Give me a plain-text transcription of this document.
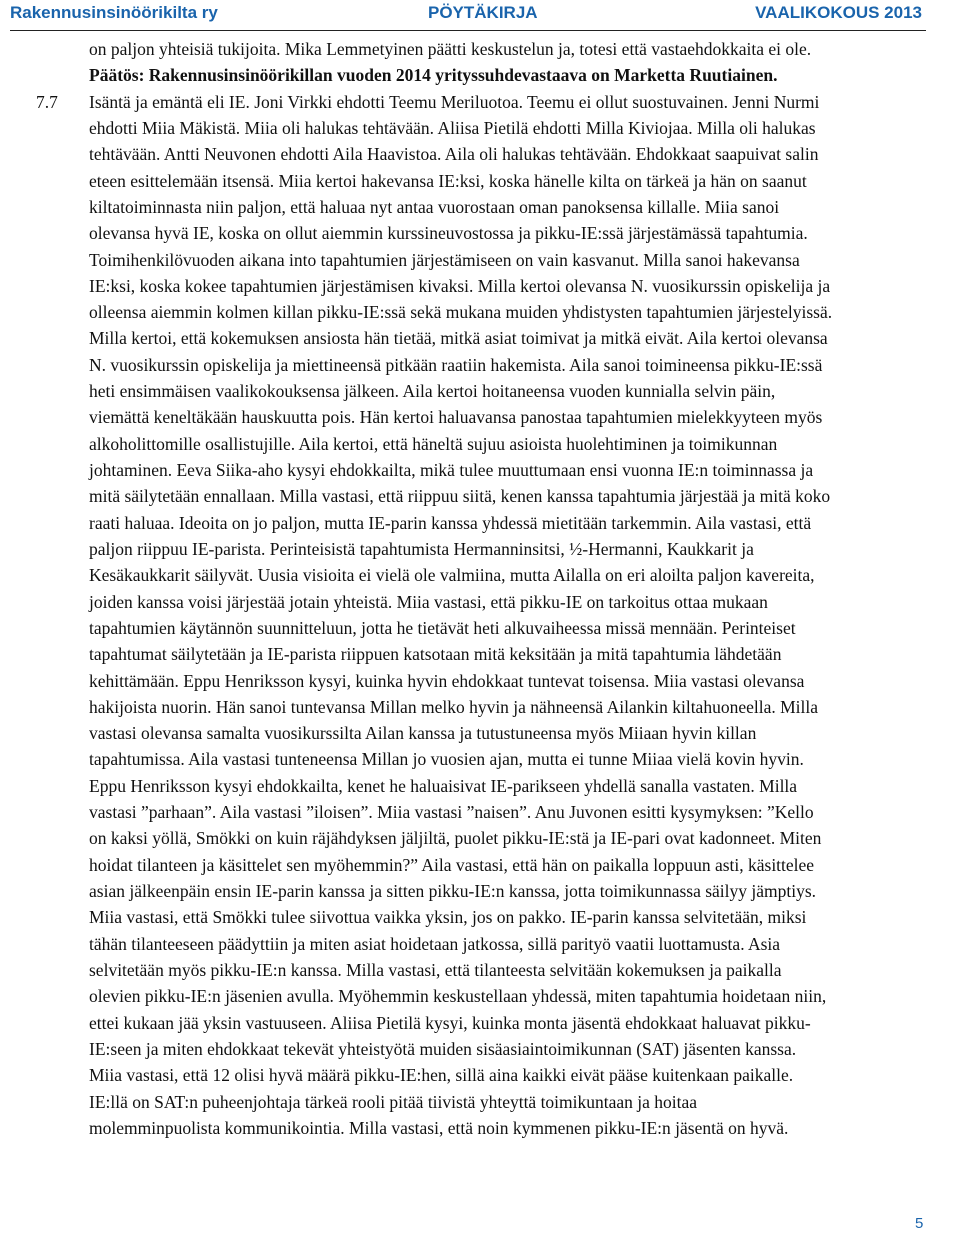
Rakennusinsinöörikilta ry	PÖYTÄKIRJA	VAALIKOKOUS 2013
on paljon yhteisiä tukijoita. Mika Lemmetyinen päätti keskustelun ja, totesi että vastaehdokkaita ei ole.
Päätös: Rakennusinsinöörikillan vuoden 2014 yrityssuhdevastaava on Marketta Ruutiainen.
7.7 Isäntä ja emäntä eli IE. Joni Virkki ehdotti Teemu Meriluotoa. Teemu ei ollut suostuvainen. Jenni Nurmi
ehdotti Miia Mäkistä. Miia oli halukas tehtävään. Aliisa Pietilä ehdotti Milla Kiviojaa. Milla oli halukas
tehtävään. Antti Neuvonen ehdotti Aila Haavistoa. Aila oli halukas tehtävään. Ehdokkaat saapuivat salin
eteen esittelemään itsensä. Miia kertoi hakevansa IE:ksi, koska hänelle kilta on tärkeä ja hän on saanut
kiltatoiminnasta niin paljon, että haluaa nyt antaa vuorostaan oman panoksensa killalle. Miia sanoi
olevansa hyvä IE, koska on ollut aiemmin kurssineuvostossa ja pikku-IE:ssä järjestämässä tapahtumia.
Toimihenkilövuoden aikana into tapahtumien järjestämiseen on vain kasvanut. Milla sanoi hakevansa
IE:ksi, koska kokee tapahtumien järjestämisen kivaksi. Milla kertoi olevansa N. vuosikurssin opiskelija ja
olleensa aiemmin kolmen killan pikku-IE:ssä sekä mukana muiden yhdistysten tapahtumien järjestelyissä.
Milla kertoi, että kokemuksen ansiosta hän tietää, mitkä asiat toimivat ja mitkä eivät. Aila kertoi olevansa
N. vuosikurssin opiskelija ja miettineensä pitkään raatiin hakemista. Aila sanoi toimineensa pikku-IE:ssä
heti ensimmäisen vaalikokouksensa jälkeen. Aila kertoi hoitaneensa vuoden kunnialla selvin päin,
viemättä keneltäkään hauskuutta pois. Hän kertoi haluavansa panostaa tapahtumien mielekkyyteen myös
alkoholittomille osallistujille. Aila kertoi, että häneltä sujuu asioista huolehtiminen ja toimikunnan
johtaminen. Eeva Siika-aho kysyi ehdokkailta, mikä tulee muuttumaan ensi vuonna IE:n toiminnassa ja
mitä säilytetään ennallaan. Milla vastasi, että riippuu siitä, kenen kanssa tapahtumia järjestää ja mitä koko
raati haluaa. Ideoita on jo paljon, mutta IE-parin kanssa yhdessä mietitään tarkemmin. Aila vastasi, että
paljon riippuu IE-parista. Perinteisistä tapahtumista Hermanninsitsi, ½-Hermanni, Kaukkarit ja
Kesäkaukkarit säilyvät. Uusia visioita ei vielä ole valmiina, mutta Ailalla on eri aloilta paljon kavereita,
joiden kanssa voisi järjestää jotain yhteistä. Miia vastasi, että pikku-IE on tarkoitus ottaa mukaan
tapahtumien käytännön suunnitteluun, jotta he tietävät heti alkuvaiheessa missä mennään. Perinteiset
tapahtumat säilytetään ja IE-parista riippuen katsotaan mitä keksitään ja mitä tapahtumia lähdetään
kehittämään. Eppu Henriksson kysyi, kuinka hyvin ehdokkaat tuntevat toisensa. Miia vastasi olevansa
hakijoista nuorin. Hän sanoi tuntevansa Millan melko hyvin ja nähneensä Ailankin kiltahuoneella. Milla
vastasi olevansa samalta vuosikurssilta Ailan kanssa ja tutustuneensa myös Miiaan hyvin killan
tapahtumissa. Aila vastasi tunteneensa Millan jo vuosien ajan, mutta ei tunne Miiaa vielä kovin hyvin.
Eppu Henriksson kysyi ehdokkailta, kenet he haluaisivat IE-parikseen yhdellä sanalla vastaten. Milla
vastasi ”parhaan”. Aila vastasi ”iloisen”. Miia vastasi ”naisen”. Anu Juvonen esitti kysymyksen: ”Kello
on kaksi yöllä, Smökki on kuin räjähdyksen jäljiltä, puolet pikku-IE:stä ja IE-pari ovat kadonneet. Miten
hoidat tilanteen ja käsittelet sen myöhemmin?” Aila vastasi, että hän on paikalla loppuun asti, käsittelee
asian jälkeenpäin ensin IE-parin kanssa ja sitten pikku-IE:n kanssa, jotta toimikunnassa säilyy jämptiys.
Miia vastasi, että Smökki tulee siivottua vaikka yksin, jos on pakko. IE-parin kanssa selvitetään, miksi
tähän tilanteeseen päädyttiin ja miten asiat hoidetaan jatkossa, sillä parityö vaatii luottamusta. Asia
selvitetään myös pikku-IE:n kanssa. Milla vastasi, että tilanteesta selvitään kokemuksen ja paikalla
olevien pikku-IE:n jäsenien avulla. Myöhemmin keskustellaan yhdessä, miten tapahtumia hoidetaan niin,
ettei kukaan jää yksin vastuuseen. Aliisa Pietilä kysyi, kuinka monta jäsentä ehdokkaat haluavat pikku-
IE:seen ja miten ehdokkaat tekevät yhteistyötä muiden sisäasiaintoimikunnan (SAT) jäsenten kanssa.
Miia vastasi, että 12 olisi hyvä määrä pikku-IE:hen, sillä aina kaikki eivät pääse kuitenkaan paikalle.
IE:llä on SAT:n puheenjohtaja tärkeä rooli pitää tiivistä yhteyttä toimikuntaan ja hoitaa
molemminpuolista kommunikointia. Milla vastasi, että noin kymmenen pikku-IE:n jäsentä on hyvä.
5
